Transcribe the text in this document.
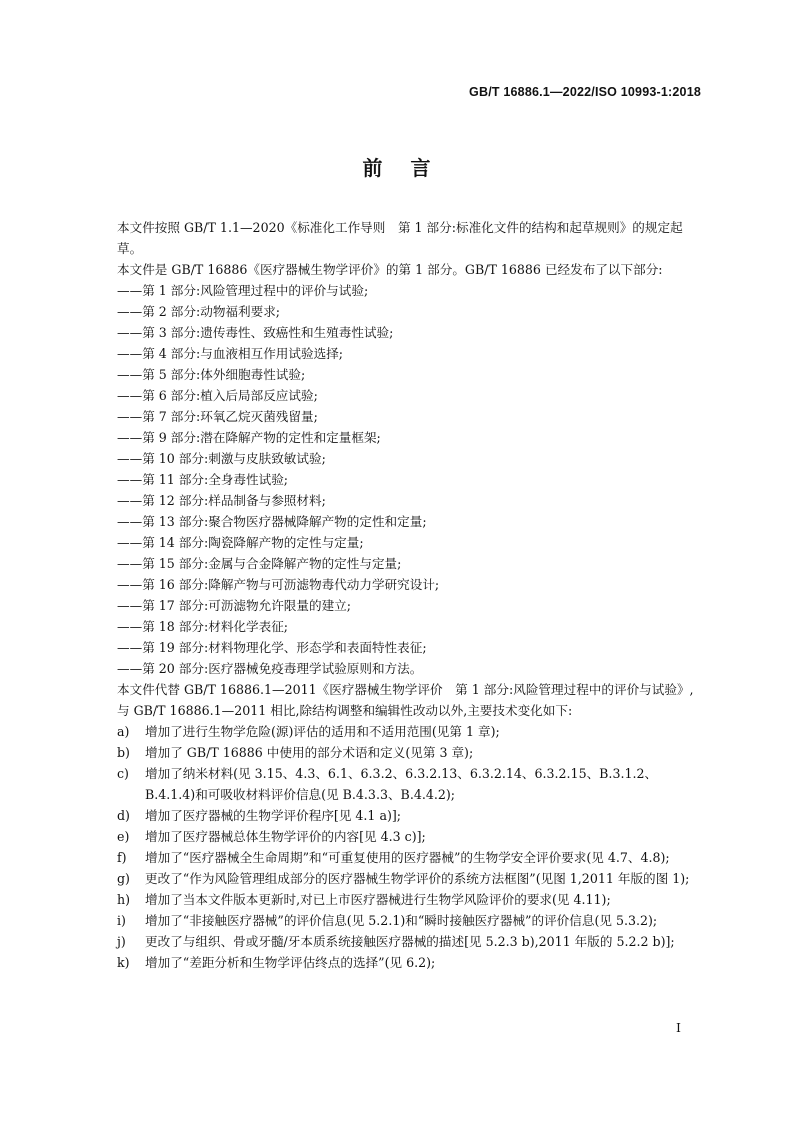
GB/T 16886.1—2022/ISO 10993-1:2018
前言

本文件按照 GB/T 1.1—2020《标准化工作导则　第 1 部分:标准化文件的结构和起草规则》的规定起草。

本文件是 GB/T 16886《医疗器械生物学评价》的第 1 部分。GB/T 16886 已经发布了以下部分:

——第 1 部分:风险管理过程中的评价与试验;

——第 2 部分:动物福利要求;

——第 3 部分:遗传毒性、致癌性和生殖毒性试验;

——第 4 部分:与血液相互作用试验选择;

——第 5 部分:体外细胞毒性试验;

——第 6 部分:植入后局部反应试验;

——第 7 部分:环氧乙烷灭菌残留量;

——第 9 部分:潜在降解产物的定性和定量框架;

——第 10 部分:刺激与皮肤致敏试验;

——第 11 部分:全身毒性试验;

——第 12 部分:样品制备与参照材料;

——第 13 部分:聚合物医疗器械降解产物的定性和定量;

——第 14 部分:陶瓷降解产物的定性与定量;

——第 15 部分:金属与合金降解产物的定性与定量;

——第 16 部分:降解产物与可沥滤物毒代动力学研究设计;

——第 17 部分:可沥滤物允许限量的建立;

——第 18 部分:材料化学表征;

——第 19 部分:材料物理化学、形态学和表面特性表征;

——第 20 部分:医疗器械免疫毒理学试验原则和方法。

本文件代替 GB/T 16886.1—2011《医疗器械生物学评价　第 1 部分:风险管理过程中的评价与试验》,与 GB/T 16886.1—2011 相比,除结构调整和编辑性改动以外,主要技术变化如下:

a)	增加了进行生物学危险(源)评估的适用和不适用范围(见第 1 章);
b)	增加了 GB/T 16886 中使用的部分术语和定义(见第 3 章);
c)	增加了纳米材料(见 3.15、4.3、6.1、6.3.2、6.3.2.13、6.3.2.14、6.3.2.15、B.3.1.2、B.4.1.4)和可吸收材料评价信息(见 B.4.3.3、B.4.4.2);
d)	增加了医疗器械的生物学评价程序[见 4.1 a)];
e)	增加了医疗器械总体生物学评价的内容[见 4.3 c)];
f)	增加了“医疗器械全生命周期”和“可重复使用的医疗器械”的生物学安全评价要求(见 4.7、4.8);
g)	更改了“作为风险管理组成部分的医疗器械生物学评价的系统方法框图”(见图 1,2011 年版的图 1);
h)	增加了当本文件版本更新时,对已上市医疗器械进行生物学风险评价的要求(见 4.11);
i)	增加了“非接触医疗器械”的评价信息(见 5.2.1)和“瞬时接触医疗器械”的评价信息(见 5.3.2);
j)	更改了与组织、骨或牙髓/牙本质系统接触医疗器械的描述[见 5.2.3 b),2011 年版的 5.2.2 b)];
k)	增加了“差距分析和生物学评估终点的选择”(见 6.2);
Ⅰ
